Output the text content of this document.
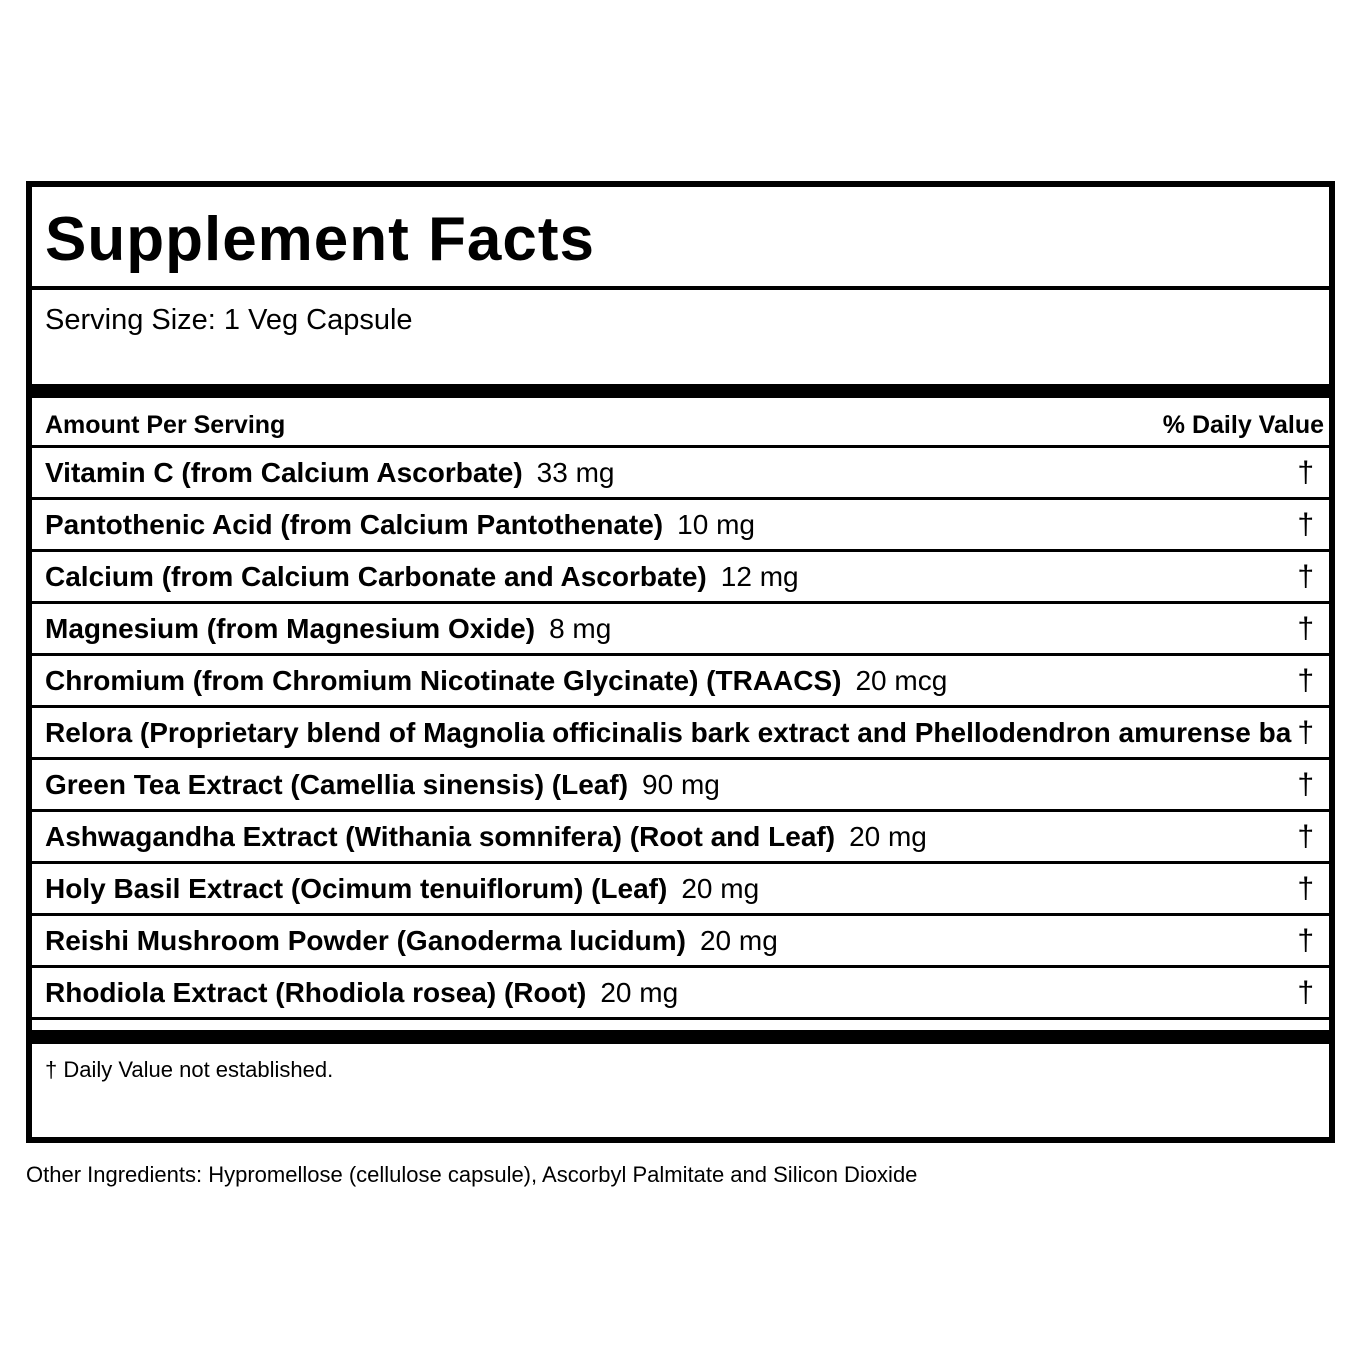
Supplement Facts
Serving Size: 1 Veg Capsule
Amount Per Serving	% Daily Value
Vitamin C (from Calcium Ascorbate) 33 mg	†
Pantothenic Acid (from Calcium Pantothenate) 10 mg	†
Calcium (from Calcium Carbonate and Ascorbate) 12 mg	†
Magnesium (from Magnesium Oxide) 8 mg	†
Chromium (from Chromium Nicotinate Glycinate) (TRAACS) 20 mcg	†
Relora (Proprietary blend of Magnolia officinalis bark extract and Phellodendron amurense ba †
Green Tea Extract (Camellia sinensis) (Leaf) 90 mg	†
Ashwagandha Extract (Withania somnifera) (Root and Leaf) 20 mg	†
Holy Basil Extract (Ocimum tenuiflorum) (Leaf) 20 mg	†
Reishi Mushroom Powder (Ganoderma lucidum) 20 mg	†
Rhodiola Extract (Rhodiola rosea) (Root) 20 mg	†
† Daily Value not established.
Other Ingredients: Hypromellose (cellulose capsule), Ascorbyl Palmitate and Silicon Dioxide
